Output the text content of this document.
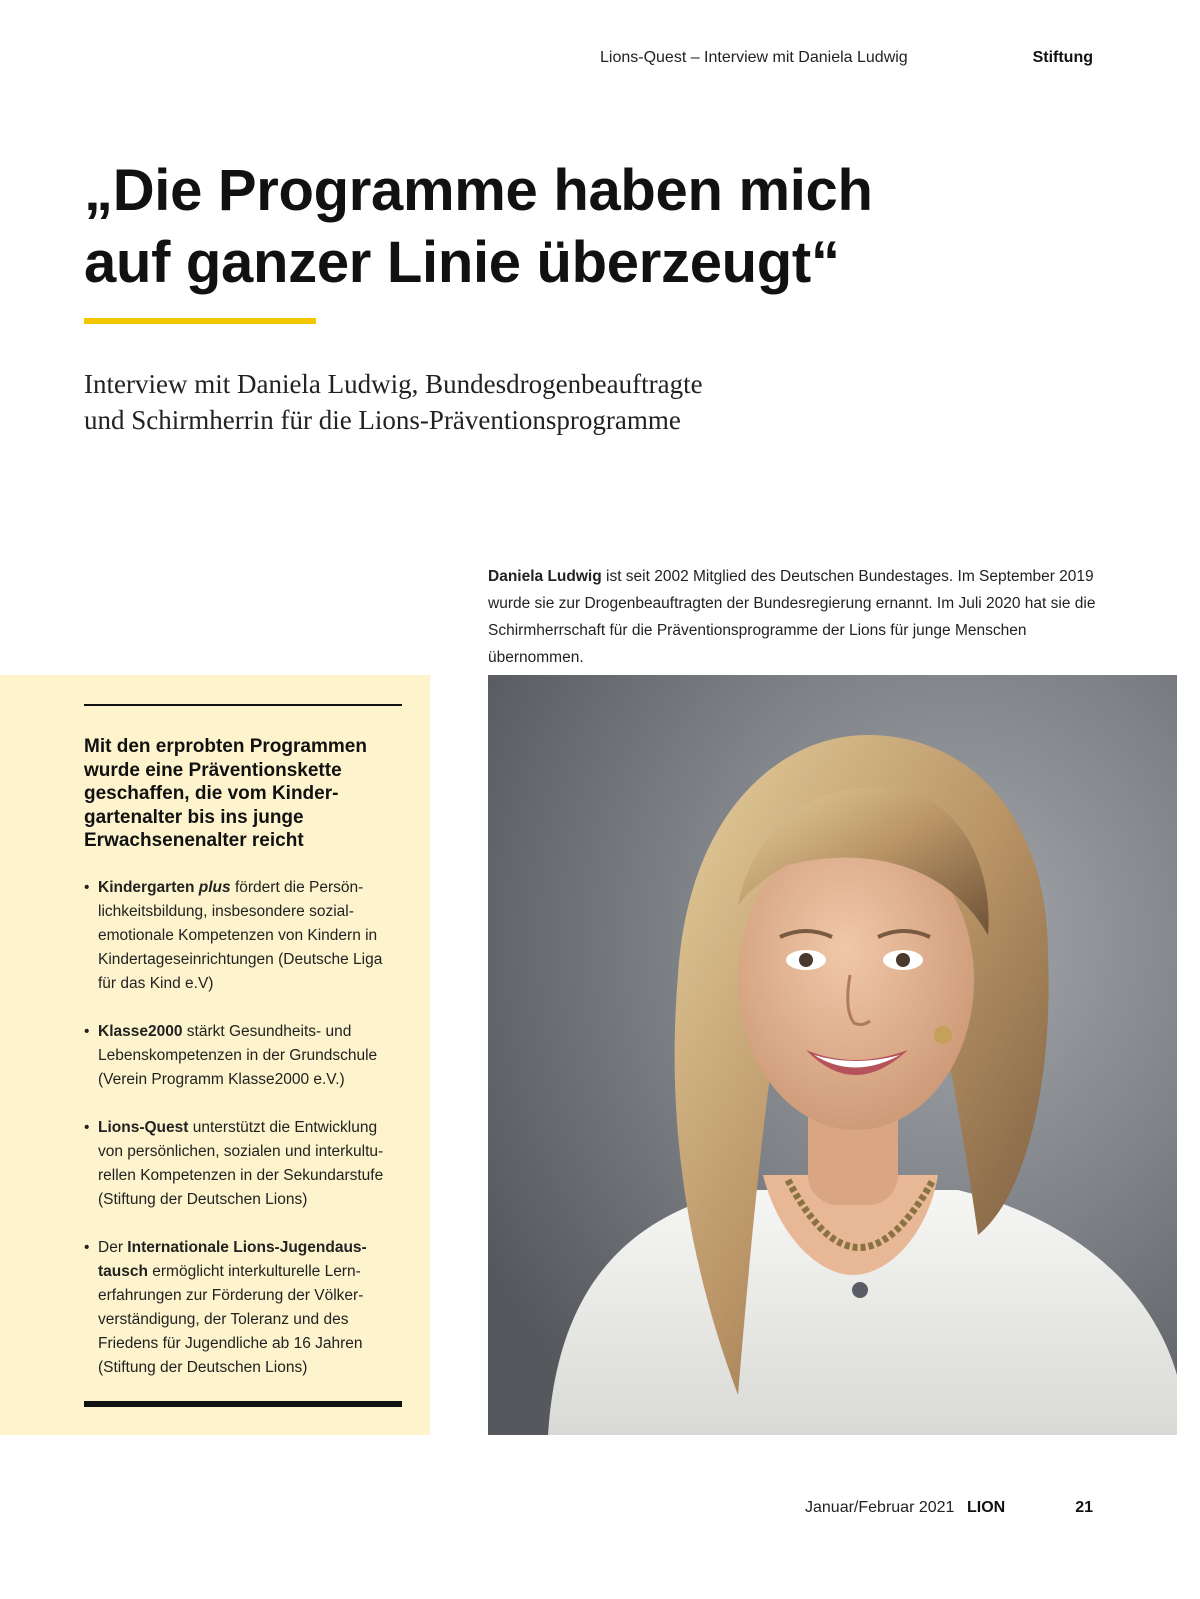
Lions-Quest – Interview mit Daniela Ludwig	Stiftung
„Die Programme haben mich
auf ganzer Linie überzeugt“
Interview mit Daniela Ludwig, Bundesdrogenbeauftragte
und Schirmherrin für die Lions-Präventionsprogramme

Daniela Ludwig ist seit 2002 Mitglied des Deutschen Bundestages. Im September 2019 wurde sie zur Drogenbeauftragten der Bundesregierung ernannt. Im Juli 2020 hat sie die Schirmherrschaft für die Präventionsprogramme der Lions für junge Menschen übernommen.

Mit den erprobten Programmen
wurde eine Präventionskette
geschaffen, die vom Kinder-
gartenalter bis ins junge
Erwachsenenalter reicht
• Kindergarten plus fördert die Persön-
lichkeitsbildung, insbesondere sozial-
emotionale Kompetenzen von Kindern in
Kindertageseinrichtungen (Deutsche Liga
für das Kind e.V)
• Klasse2000 stärkt Gesundheits- und
Lebenskompetenzen in der Grundschule
(Verein Programm Klasse2000 e.V.)
• Lions-Quest unterstützt die Entwicklung
von persönlichen, sozialen und interkultu-
rellen Kompetenzen in der Sekundarstufe
(Stiftung der Deutschen Lions)
• Der Internationale Lions-Jugendaus-
tausch ermöglicht interkulturelle Lern-
erfahrungen zur Förderung der Völker-
verständigung, der Toleranz und des
Friedens für Jugendliche ab 16 Jahren
(Stiftung der Deutschen Lions)
Januar/Februar 2021 LION	21
